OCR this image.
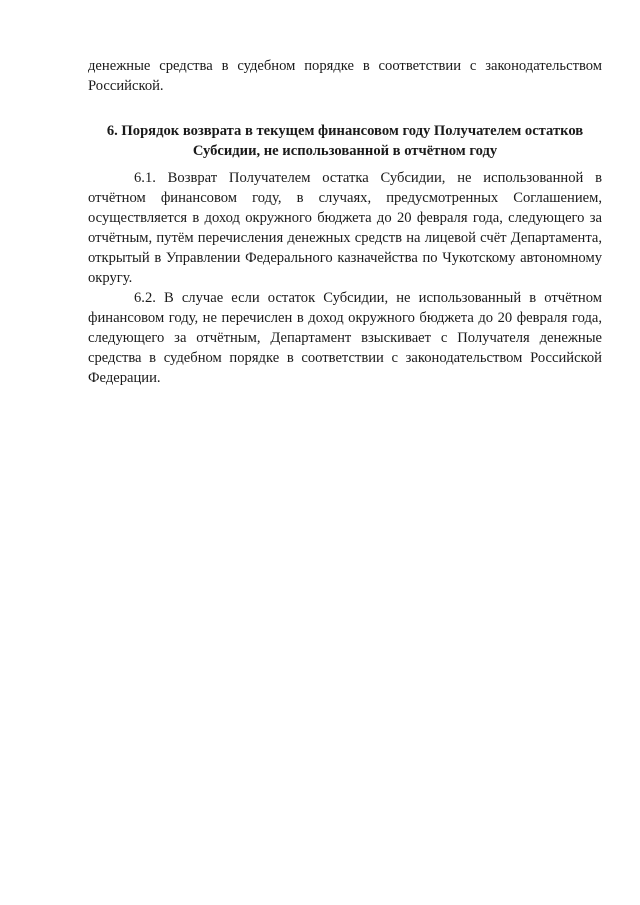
денежные средства в судебном порядке в соответствии с законодательством Российской.

6. Порядок возврата в текущем финансовом году Получателем остатков
Субсидии, не использованной в отчётном году

6.1. Возврат Получателем остатка Субсидии, не использованной в отчётном финансовом году, в случаях, предусмотренных Соглашением, осуществляется в доход окружного бюджета до 20 февраля года, следующего за отчётным, путём перечисления денежных средств на лицевой счёт Департамента, открытый в Управлении Федерального казначейства по Чукотскому автономному округу.

6.2. В случае если остаток Субсидии, не использованный в отчётном финансовом году, не перечислен в доход окружного бюджета до 20 февраля года, следующего за отчётным, Департамент взыскивает с Получателя денежные средства в судебном порядке в соответствии с законодательством Российской Федерации.
